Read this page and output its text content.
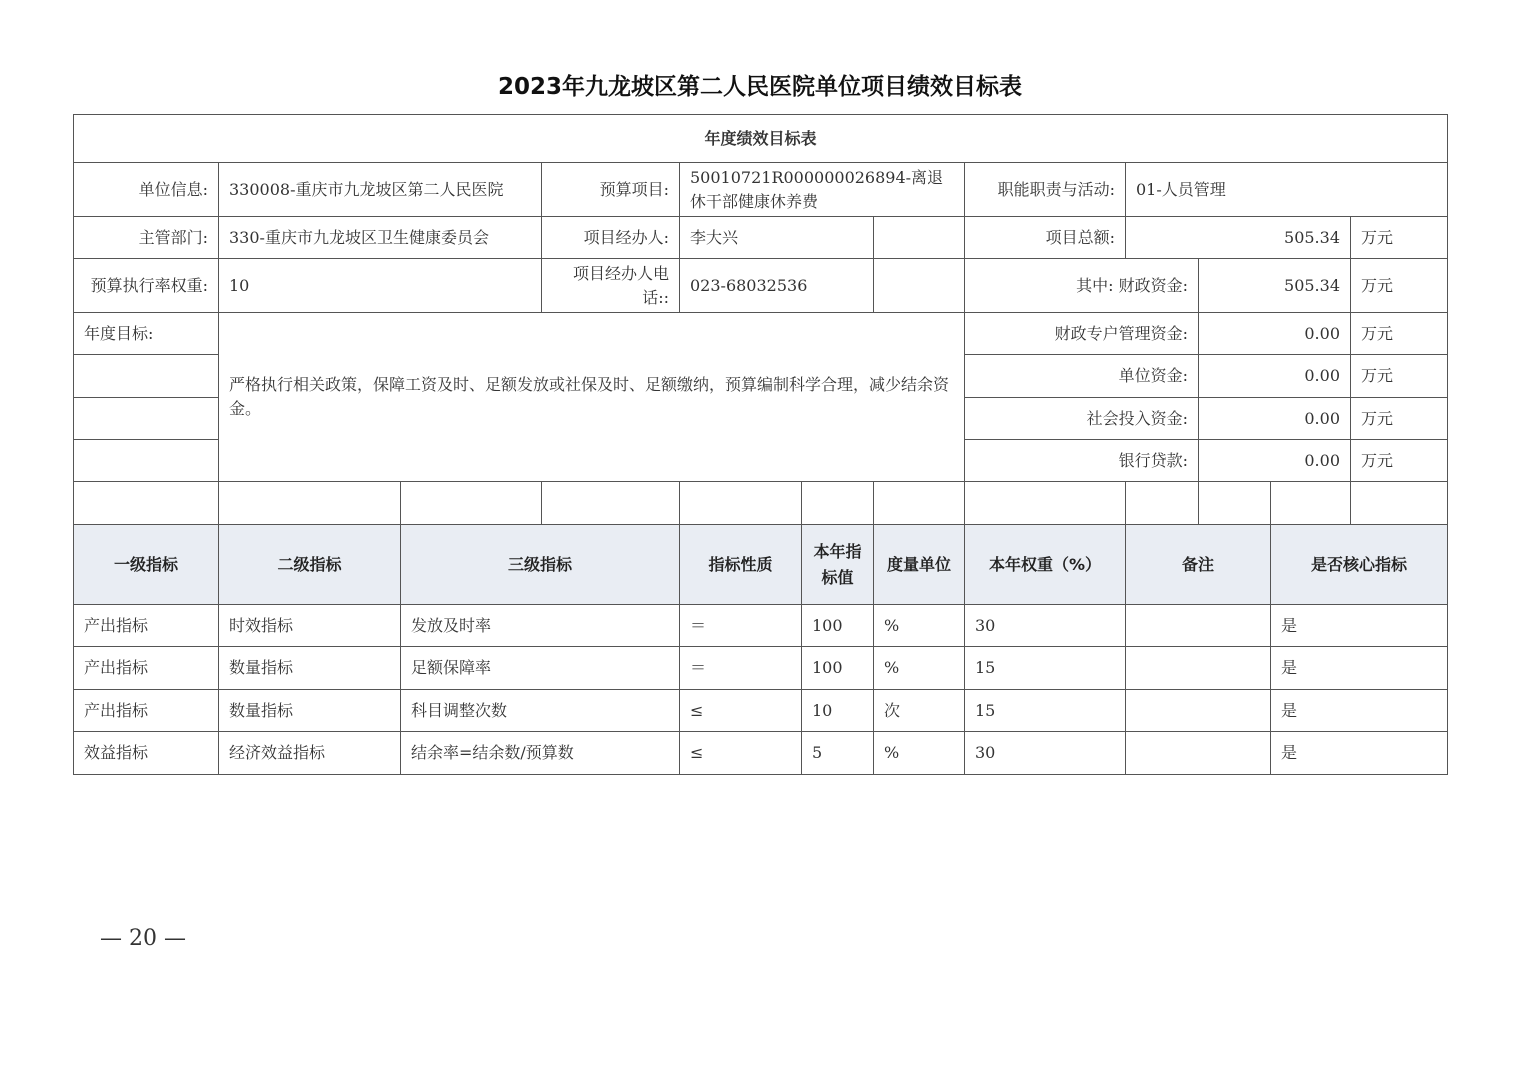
2023年九龙坡区第二人民医院单位项目绩效目标表
年度绩效目标表											
单位信息:	330008-重庆市九龙坡区第二人民医院		预算项目:	50010721R000000026894-离退休干部健康休养费			职能职责与活动:	01-人员管理			
主管部门:	330-重庆市九龙坡区卫生健康委员会		项目经办人:	李大兴			项目总额:	505.34			万元
预算执行率权重:	10		项目经办人电话::	023-68032536			其中: 财政资金:		505.34		万元
年度目标:	严格执行相关政策，保障工资及时、足额发放或社保及时、足额缴纳，预算编制科学合理，减少结余资金。						财政专户管理资金:		0.00		万元
							单位资金:		0.00		万元
							社会投入资金:		0.00		万元
							银行贷款:		0.00		万元

一级指标	二级指标	三级指标		指标性质	本年指标值	度量单位	本年权重（%）	备注		是否核心指标	
产出指标	时效指标	发放及时率		＝	100	%	30			是	
产出指标	数量指标	足额保障率		＝	100	%	15			是	
产出指标	数量指标	科目调整次数		≤	10	次	15			是	
效益指标	经济效益指标	结余率=结余数/预算数		≤	5	%	30			是	
— 20 —
